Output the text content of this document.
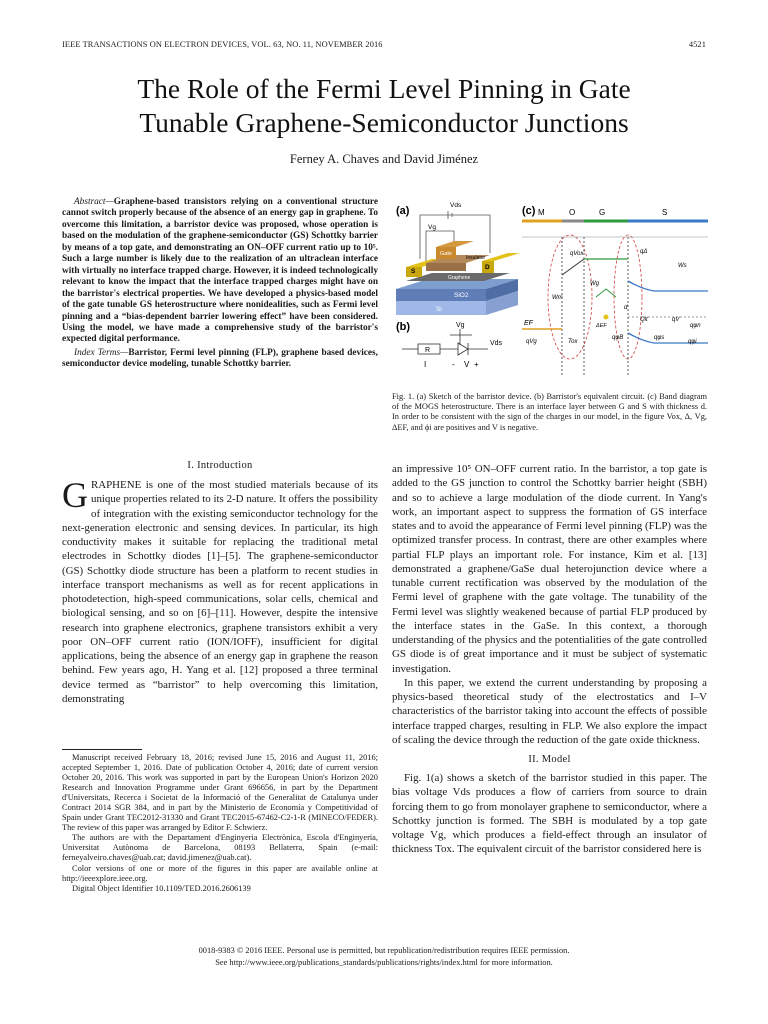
IEEE TRANSACTIONS ON ELECTRON DEVICES, VOL. 63, NO. 11, NOVEMBER 2016	4521
The Role of the Fermi Level Pinning in Gate
Tunable Graphene-Semiconductor Junctions
Ferney A. Chaves and David Jiménez

Abstract—Graphene-based transistors relying on a conventional structure cannot switch properly because of the absence of an energy gap in graphene. To overcome this limitation, a barristor device was proposed, whose operation is based on the modulation of the graphene-semiconductor (GS) Schottky barrier by means of a top gate, and demonstrating an ON–OFF current ratio up to 10⁵. Such a large number is likely due to the realization of an ultraclean interface with virtually no interface trapped charge. However, it is indeed technologically relevant to know the impact that the interface trapped charges might have on the barristor's electrical properties. We have developed a physics-based model of the gate tunable GS heterostructure where nonidealities, such as Fermi level pinning and a “bias-dependent barrier lowering effect” have been considered. Using the model, we have made a comprehensive study of the barristor's expected digital performance.

Index Terms—Barristor, Fermi level pinning (FLP), graphene based devices, semiconductor device modeling, tunable Schottky barrier.

I. Introduction

GRAPHENE is one of the most studied materials because of its unique properties related to its 2-D nature. It offers the possibility of integration with the existing semiconductor technology for the next-generation electronic and sensing devices. In particular, its high conductivity makes it suitable for replacing the traditional metal electrodes in Schottky diodes [1]–[5]. The graphene-semiconductor (GS) Schottky diode structure has been a platform to recent studies in interface transport mechanisms as well as for recent applications in photodetection, high-speed communications, solar cells, chemical and biological sensing, and so on [6]–[11]. However, despite the intensive research into graphene electronics, graphene transistors exhibit a very poor ON–OFF current ratio (ION/IOFF), insufficient for digital applications, being the absence of an energy gap in graphene the reason behind. Few years ago, H. Yang et al. [12] proposed a three terminal device termed as “barristor” to help overcoming this limitation, demonstrating

Manuscript received February 18, 2016; revised June 15, 2016 and August 11, 2016; accepted September 1, 2016. Date of publication October 4, 2016; date of current version October 20, 2016. This work was supported in part by the European Union's Horizon 2020 Research and Innovation Programme under Grant 696656, in part by the Department d'Universitats, Recerca i Societat de la Informació of the Generalitat de Catalunya under Contract 2014 SGR 384, and in part by the Ministerio de Economía y Competitividad of Spain under Grant TEC2012-31330 and Grant TEC2015-67462-C2-1-R (MINECO/FEDER). The review of this paper was arranged by Editor F. Schwierz.

The authors are with the Departament d'Enginyeria Electrònica, Escola d'Enginyeria, Universitat Autònoma de Barcelona, 08193 Bellaterra, Spain (e-mail: ferneyalveiro.chaves@uab.cat; david.jimenez@uab.cat).

Color versions of one or more of the figures in this paper are available online at http://ieeexplore.ieee.org.

Digital Object Identifier 10.1109/TED.2016.2606139

(a)	Vds
Vg
Si
SiO2
Graphene
S
D
Insulator
Gate
(b)	Vg
R
Vds
I	- V +
(c) M	O	G	S
qVox	qΔ
Wm
Wg
Ws
EF
qVg	Tox
Qit
d
qV
qφn
qφB	qφs
qφi
ΔEF

Fig. 1. (a) Sketch of the barristor device. (b) Barristor's equivalent circuit. (c) Band diagram of the MOGS heterostructure. There is an interface layer between G and S with thickness d. In order to be consistent with the sign of the charges in our model, in the figure Vox, Δ, Vg, ΔEF, and ϕi are positives and V is negative.

an impressive 10⁵ ON–OFF current ratio. In the barristor, a top gate is added to the GS junction to control the Schottky barrier height (SBH) and so to achieve a large modulation of the diode current. In Yang's work, an important aspect to suppress the formation of GS interface states and to avoid the appearance of Fermi level pinning (FLP) was the optimized transfer process. In contrast, there are other examples where partial FLP plays an important role. For instance, Kim et al. [13] demonstrated a graphene/GaSe dual heterojunction device where a tunable current rectification was observed by the modulation of the Fermi level of graphene with the gate voltage. The tunability of the Fermi level was slightly weakened because of partial FLP produced by the interface states in the GaSe. In this context, a thorough understanding of the physics and the potentialities of the gate controlled GS diode is of great importance and it must be subject of systematic investigation.

In this paper, we extend the current understanding by proposing a physics-based theoretical study of the electrostatics and I–V characteristics of the barristor taking into account the effects of possible interface trapped charges, resulting in FLP. We also explore the impact of scaling the device through the reduction of the gate oxide thickness.

II. Model

Fig. 1(a) shows a sketch of the barristor studied in this paper. The bias voltage Vds produces a flow of carriers from source to drain forcing them to go from monolayer graphene to semiconductor, where a Schottky junction is formed. The SBH is modulated by a top gate voltage Vg, which produces a field-effect through an insulator of thickness Tox. The equivalent circuit of the barristor considered here is

0018-9383 © 2016 IEEE. Personal use is permitted, but republication/redistribution requires IEEE permission.
See http://www.ieee.org/publications_standards/publications/rights/index.html for more information.
